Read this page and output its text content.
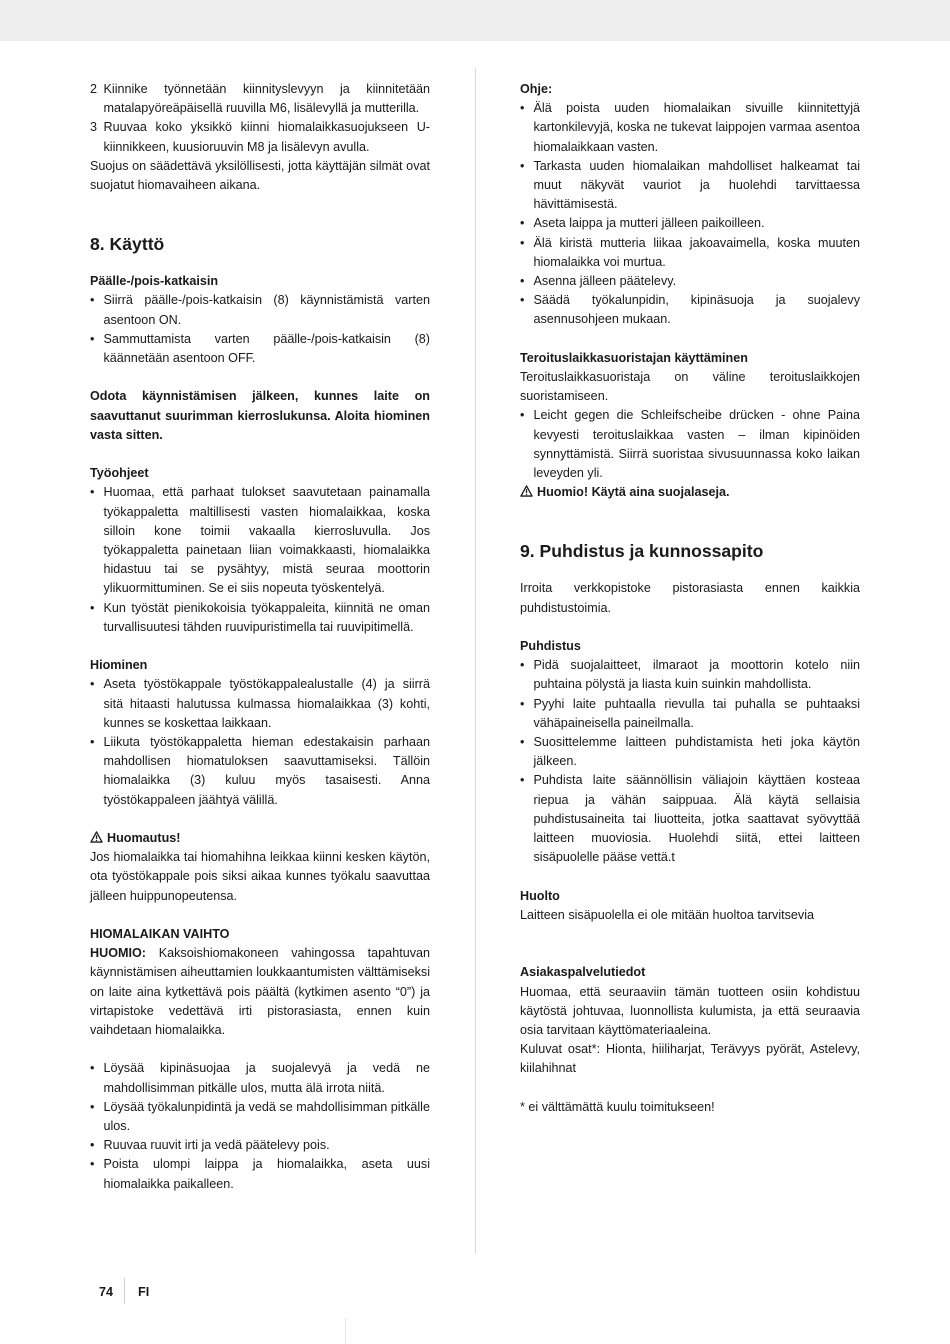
2 Kiinnike työnnetään kiinnityslevyyn ja kiinnitetään matalapyöreäpäisellä ruuvilla M6, lisälevyllä ja mutterilla.
3 Ruuvaa koko yksikkö kiinni hiomalaikkasuojukseen U-kiinnikkeen, kuusioruuvin M8 ja lisälevyn avulla.

Suojus on säädettävä yksilöllisesti, jotta käyttäjän silmät ovat suojatut hiomavaiheen aikana.

8. Käyttö

Päälle-/pois-katkaisin

• Siirrä päälle-/pois-katkaisin (8) käynnistämistä varten asentoon ON.
• Sammuttamista varten päälle-/pois-katkaisin (8) käännetään asentoon OFF.

Odota käynnistämisen jälkeen, kunnes laite on saavuttanut suurimman kierroslukunsa. Aloita hiominen vasta sitten.

Työohjeet

• Huomaa, että parhaat tulokset saavutetaan painamalla työkappaletta maltillisesti vasten hiomalaikkaa, koska silloin kone toimii vakaalla kierrosluvulla. Jos työkappaletta painetaan liian voimakkaasti, hiomalaikka hidastuu tai se pysähtyy, mistä seuraa moottorin ylikuormittuminen. Se ei siis nopeuta työskentelyä.
• Kun työstät pienikokoisia työkappaleita, kiinnitä ne oman turvallisuutesi tähden ruuvipuristimella tai ruuvipitimellä.

Hiominen

• Aseta työstökappale työstökappalealustalle (4) ja siirrä sitä hitaasti halutussa kulmassa hiomalaikkaa (3) kohti, kunnes se koskettaa laikkaan.
• Liikuta työstökappaletta hieman edestakaisin parhaan mahdollisen hiomatuloksen saavuttamiseksi. Tällöin hiomalaikka (3) kuluu myös tasaisesti. Anna työstökappaleen jäähtyä välillä.

Huomautus!

Jos hiomalaikka tai hiomahihna leikkaa kiinni kesken käytön, ota työstökappale pois siksi aikaa kunnes työkalu saavuttaa jälleen huippunopeutensa.

HIOMALAIKAN VAIHTO

HUOMIO: Kaksoishiomakoneen vahingossa tapahtuvan käynnistämisen aiheuttamien loukkaantumisten välttämiseksi on laite aina kytkettävä pois päältä (kytkimen asento “0”) ja virtapistoke vedettävä irti pistorasiasta, ennen kuin vaihdetaan hiomalaikka.

• Löysää kipinäsuojaa ja suojalevyä ja vedä ne mahdollisimman pitkälle ulos, mutta älä irrota niitä.
• Löysää työkalunpidintä ja vedä se mahdollisimman pitkälle ulos.
• Ruuvaa ruuvit irti ja vedä päätelevy pois.
• Poista ulompi laippa ja hiomalaikka, aseta uusi hiomalaikka paikalleen.

Ohje:

• Älä poista uuden hiomalaikan sivuille kiinnitettyjä kartonkilevyjä, koska ne tukevat laippojen varmaa asentoa hiomalaikkaan vasten.
• Tarkasta uuden hiomalaikan mahdolliset halkeamat tai muut näkyvät vauriot ja huolehdi tarvittaessa hävittämisestä.
• Aseta laippa ja mutteri jälleen paikoilleen.
• Älä kiristä mutteria liikaa jakoavaimella, koska muuten hiomalaikka voi murtua.
• Asenna jälleen päätelevy.
• Säädä työkalunpidin, kipinäsuoja ja suojalevy asennusohjeen mukaan.

Teroituslaikkasuoristajan käyttäminen

Teroituslaikkasuoristaja on väline teroituslaikkojen suoristamiseen.

• Leicht gegen die Schleifscheibe drücken - ohne Paina kevyesti teroituslaikkaa vasten – ilman kipinöiden synnyttämistä. Siirrä suoristaa sivusuunnassa koko laikan leveyden yli.

Huomio! Käytä aina suojalaseja.

9. Puhdistus ja kunnossapito

Irroita verkkopistoke pistorasiasta ennen kaikkia puhdistustoimia.

Puhdistus

• Pidä suojalaitteet, ilmaraot ja moottorin kotelo niin puhtaina pölystä ja liasta kuin suinkin mahdollista.
• Pyyhi laite puhtaalla rievulla tai puhalla se puhtaaksi vähäpaineisella paineilmalla.
• Suosittelemme laitteen puhdistamista heti joka käytön jälkeen.
• Puhdista laite säännöllisin väliajoin käyttäen kosteaa riepua ja vähän saippuaa. Älä käytä sellaisia puhdistusaineita tai liuotteita, jotka saattavat syövyttää laitteen muoviosia. Huolehdi siitä, ettei laitteen sisäpuolelle pääse vettä.t

Huolto

Laitteen sisäpuolella ei ole mitään huoltoa tarvitsevia

Asiakaspalvelutiedot

Huomaa, että seuraaviin tämän tuotteen osiin kohdistuu käytöstä johtuvaa, luonnollista kulumista, ja että seuraavia osia tarvitaan käyttömateriaaleina.

Kuluvat osat*: Hionta, hiiliharjat, Terävyys pyörät, Astelevy, kiilahihnat

* ei välttämättä kuulu toimitukseen!

74 FI
